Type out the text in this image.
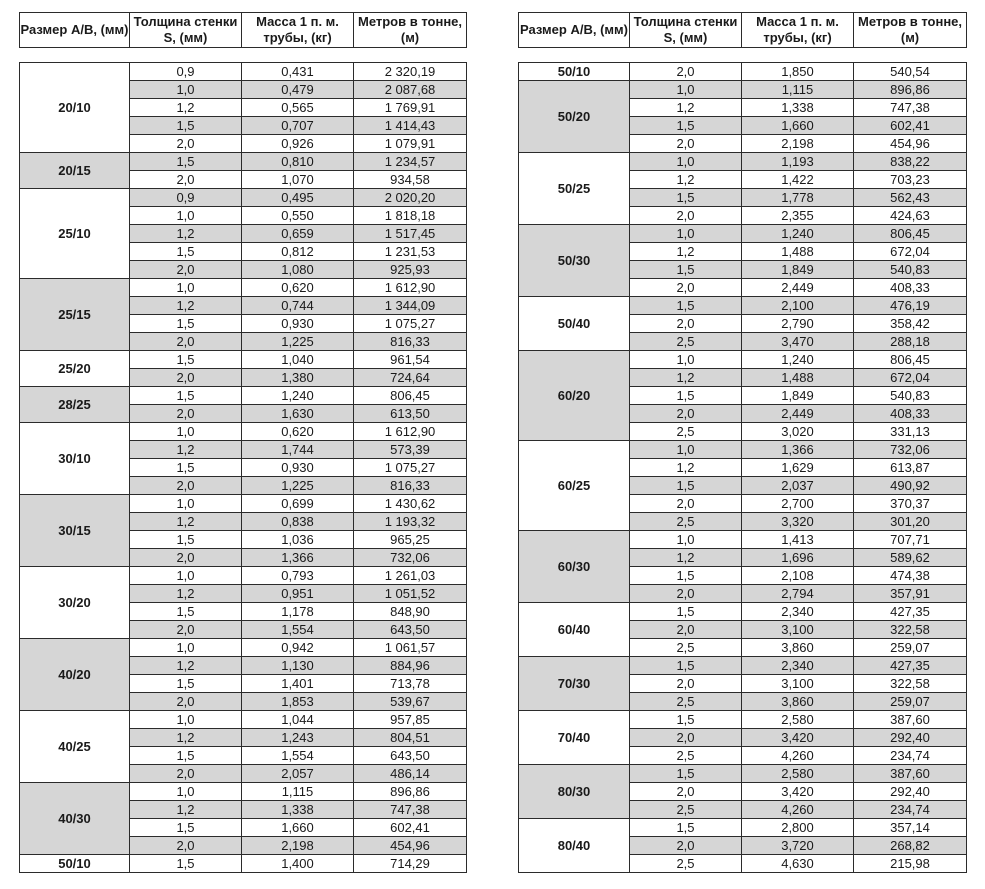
Размер А/В, (мм)	Толщина стенки S, (мм)	Масса 1 п. м. трубы, (кг)	Метров в тонне, (м)

20/10	0,9	0,431	2 320,19
	1,0	0,479	2 087,68
	1,2	0,565	1 769,91
	1,5	0,707	1 414,43
	2,0	0,926	1 079,91
20/15	1,5	0,810	1 234,57
	2,0	1,070	934,58
25/10	0,9	0,495	2 020,20
	1,0	0,550	1 818,18
	1,2	0,659	1 517,45
	1,5	0,812	1 231,53
	2,0	1,080	925,93
25/15	1,0	0,620	1 612,90
	1,2	0,744	1 344,09
	1,5	0,930	1 075,27
	2,0	1,225	816,33
25/20	1,5	1,040	961,54
	2,0	1,380	724,64
28/25	1,5	1,240	806,45
	2,0	1,630	613,50
30/10	1,0	0,620	1 612,90
	1,2	1,744	573,39
	1,5	0,930	1 075,27
	2,0	1,225	816,33
30/15	1,0	0,699	1 430,62
	1,2	0,838	1 193,32
	1,5	1,036	965,25
	2,0	1,366	732,06
30/20	1,0	0,793	1 261,03
	1,2	0,951	1 051,52
	1,5	1,178	848,90
	2,0	1,554	643,50
40/20	1,0	0,942	1 061,57
	1,2	1,130	884,96
	1,5	1,401	713,78
	2,0	1,853	539,67
40/25	1,0	1,044	957,85
	1,2	1,243	804,51
	1,5	1,554	643,50
	2,0	2,057	486,14
40/30	1,0	1,115	896,86
	1,2	1,338	747,38
	1,5	1,660	602,41
	2,0	2,198	454,96
50/10	1,5	1,400	714,29
Размер А/В, (мм)	Толщина стенки S, (мм)	Масса 1 п. м. трубы, (кг)	Метров в тонне, (м)

50/10	2,0	1,850	540,54
50/20	1,0	1,115	896,86
	1,2	1,338	747,38
	1,5	1,660	602,41
	2,0	2,198	454,96
50/25	1,0	1,193	838,22
	1,2	1,422	703,23
	1,5	1,778	562,43
	2,0	2,355	424,63
50/30	1,0	1,240	806,45
	1,2	1,488	672,04
	1,5	1,849	540,83
	2,0	2,449	408,33
50/40	1,5	2,100	476,19
	2,0	2,790	358,42
	2,5	3,470	288,18
60/20	1,0	1,240	806,45
	1,2	1,488	672,04
	1,5	1,849	540,83
	2,0	2,449	408,33
	2,5	3,020	331,13
60/25	1,0	1,366	732,06
	1,2	1,629	613,87
	1,5	2,037	490,92
	2,0	2,700	370,37
	2,5	3,320	301,20
60/30	1,0	1,413	707,71
	1,2	1,696	589,62
	1,5	2,108	474,38
	2,0	2,794	357,91
60/40	1,5	2,340	427,35
	2,0	3,100	322,58
	2,5	3,860	259,07
70/30	1,5	2,340	427,35
	2,0	3,100	322,58
	2,5	3,860	259,07
70/40	1,5	2,580	387,60
	2,0	3,420	292,40
	2,5	4,260	234,74
80/30	1,5	2,580	387,60
	2,0	3,420	292,40
	2,5	4,260	234,74
80/40	1,5	2,800	357,14
	2,0	3,720	268,82
	2,5	4,630	215,98
